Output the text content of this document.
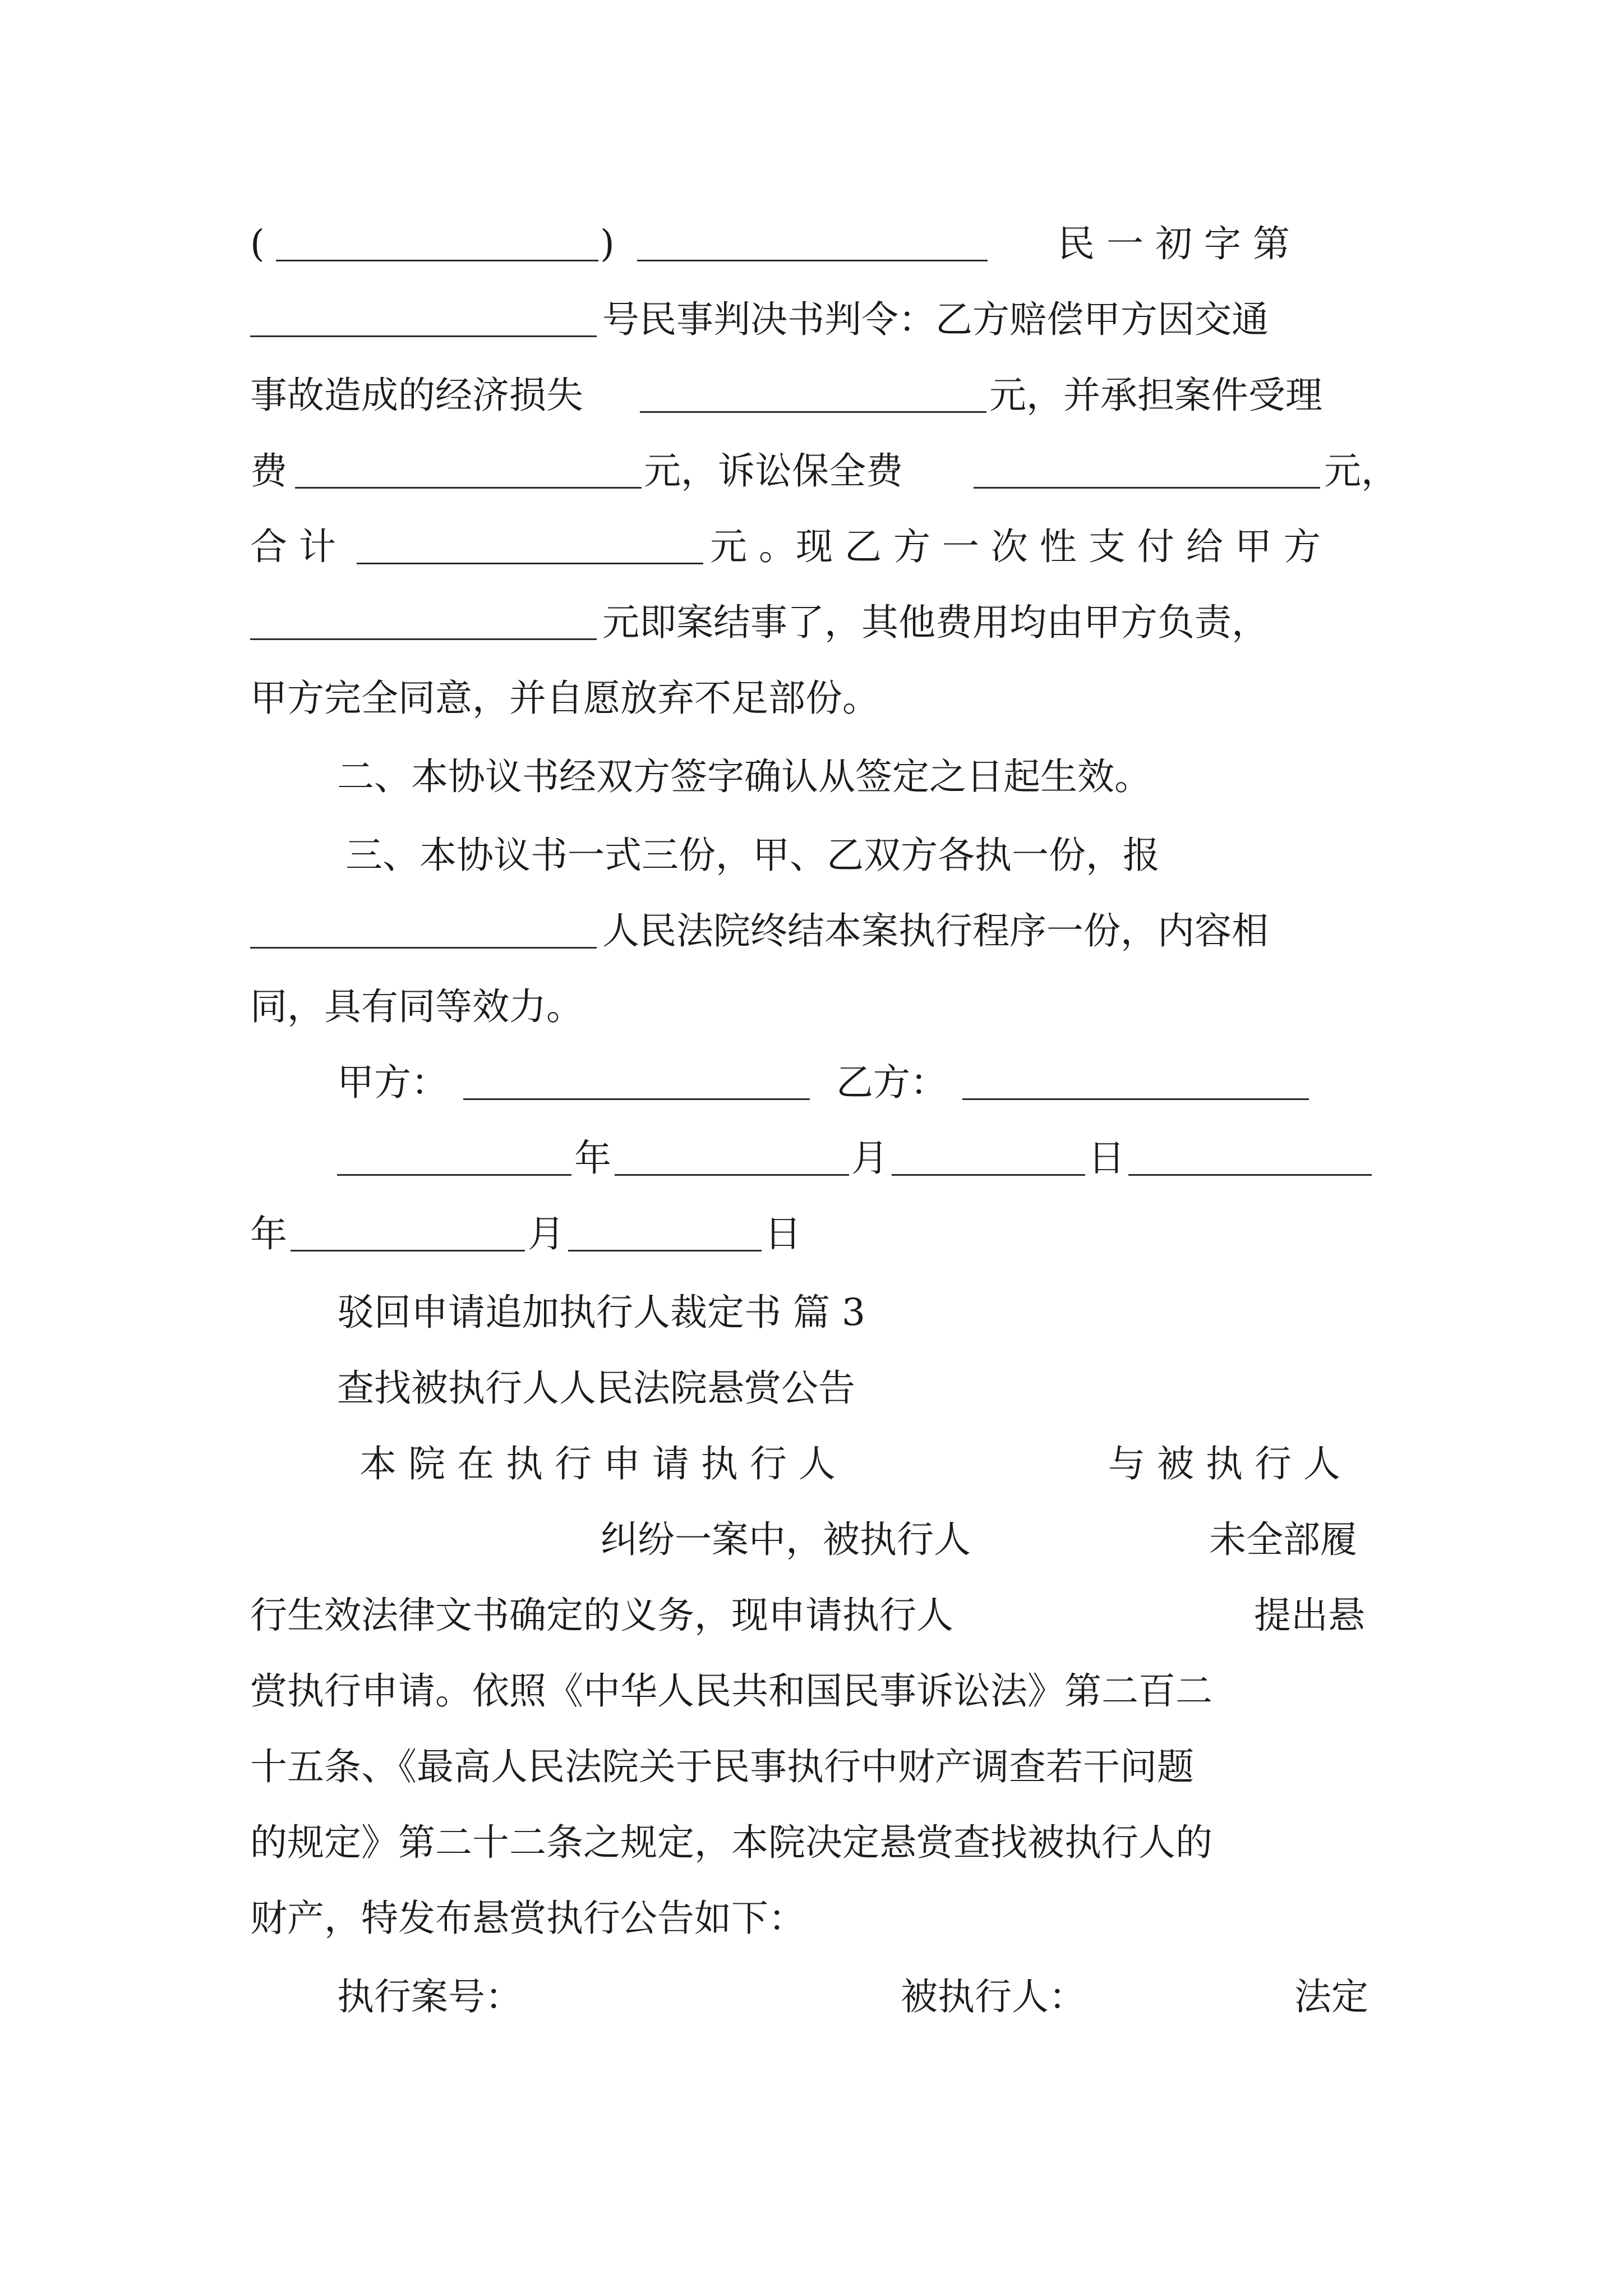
(	)	民 一 初 字 第
号民事判决书判令：乙方赔偿甲方因交通
事故造成的经济损失	元，并承担案件受理
费	元，诉讼保全费	元，
合 计	元 。现 乙 方 一 次 性 支 付 给 甲 方
元即案结事了，其他费用均由甲方负责，
甲方完全同意，并自愿放弃不足部份。
二、本协议书经双方签字确认从签定之日起生效。
三、本协议书一式三份，甲、乙双方各执一份，报
人民法院终结本案执行程序一份，内容相
同，具有同等效力。
甲方：	乙方：
年	月	日
年	月	日
驳回申请追加执行人裁定书 篇 3
查找被执行人人民法院悬赏公告
本 院 在 执 行 申 请 执 行 人	与 被 执 行 人
纠纷一案中，被执行人	未全部履
行生效法律文书确定的义务，现申请执行人	提出悬
赏执行申请。依照《中华人民共和国民事诉讼法》第二百二
十五条、《最高人民法院关于民事执行中财产调查若干问题
的规定》第二十二条之规定，本院决定悬赏查找被执行人的
财产，特发布悬赏执行公告如下：
执行案号：	被执行人：	法定
